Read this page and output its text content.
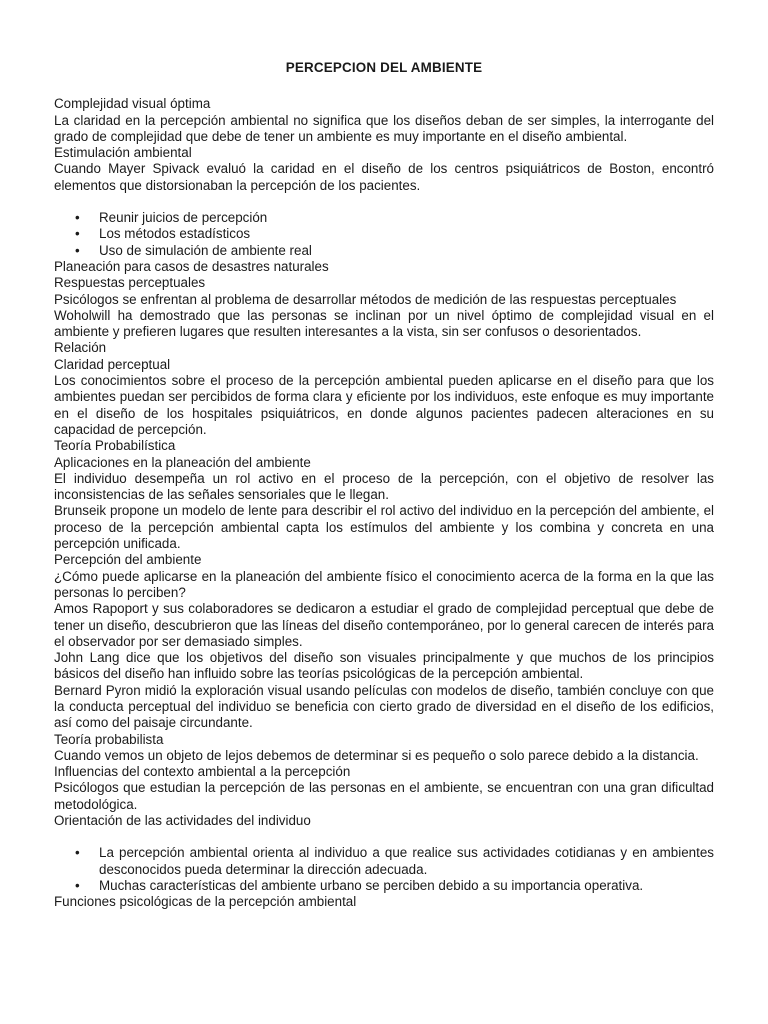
PERCEPCION DEL AMBIENTE
Complejidad visual óptima
La claridad en la percepción ambiental no significa que los diseños deban de ser simples, la interrogante del grado de complejidad que debe de tener un ambiente es muy importante en el diseño ambiental.
Estimulación ambiental
Cuando Mayer Spivack evaluó la caridad en el diseño de los centros psiquiátricos de Boston, encontró elementos que distorsionaban la percepción de los pacientes.
• Reunir juicios de percepción
• Los métodos estadísticos
• Uso de simulación de ambiente real
Planeación para casos de desastres naturales
Respuestas perceptuales
Psicólogos se enfrentan al problema de desarrollar métodos de medición de las respuestas perceptuales
Woholwill ha demostrado que las personas se inclinan por un nivel óptimo de complejidad visual en el ambiente y prefieren lugares que resulten interesantes a la vista, sin ser confusos o desorientados.
Relación
Claridad perceptual
Los conocimientos sobre el proceso de la percepción ambiental pueden aplicarse en el diseño para que los ambientes puedan ser percibidos de forma clara y eficiente por los individuos, este enfoque es muy importante en el diseño de los hospitales psiquiátricos, en donde algunos pacientes padecen alteraciones en su capacidad de percepción.
Teoría Probabilística
Aplicaciones en la planeación del ambiente
El individuo desempeña un rol activo en el proceso de la percepción, con el objetivo de resolver las inconsistencias de las señales sensoriales que le llegan.
Brunseik propone un modelo de lente para describir el rol activo del individuo en la percepción del ambiente, el proceso de la percepción ambiental capta los estímulos del ambiente y los combina y concreta en una percepción unificada.
Percepción del ambiente
¿Cómo puede aplicarse en la planeación del ambiente físico el conocimiento acerca de la forma en la que las personas lo perciben?
Amos Rapoport y sus colaboradores se dedicaron a estudiar el grado de complejidad perceptual que debe de tener un diseño, descubrieron que las líneas del diseño contemporáneo, por lo general carecen de interés para el observador por ser demasiado simples.
John Lang dice que los objetivos del diseño son visuales principalmente y que muchos de los principios básicos del diseño han influido sobre las teorías psicológicas de la percepción ambiental.
Bernard Pyron midió la exploración visual usando películas con modelos de diseño, también concluye con que la conducta perceptual del individuo se beneficia con cierto grado de diversidad en el diseño de los edificios, así como del paisaje circundante.
Teoría probabilista
Cuando vemos un objeto de lejos debemos de determinar si es pequeño o solo parece debido a la distancia.
Influencias del contexto ambiental a la percepción
Psicólogos que estudian la percepción de las personas en el ambiente, se encuentran con una gran dificultad metodológica.
Orientación de las actividades del individuo
• La percepción ambiental orienta al individuo a que realice sus actividades cotidianas y en ambientes desconocidos pueda determinar la dirección adecuada.
• Muchas características del ambiente urbano se perciben debido a su importancia operativa.
Funciones psicológicas de la percepción ambiental
